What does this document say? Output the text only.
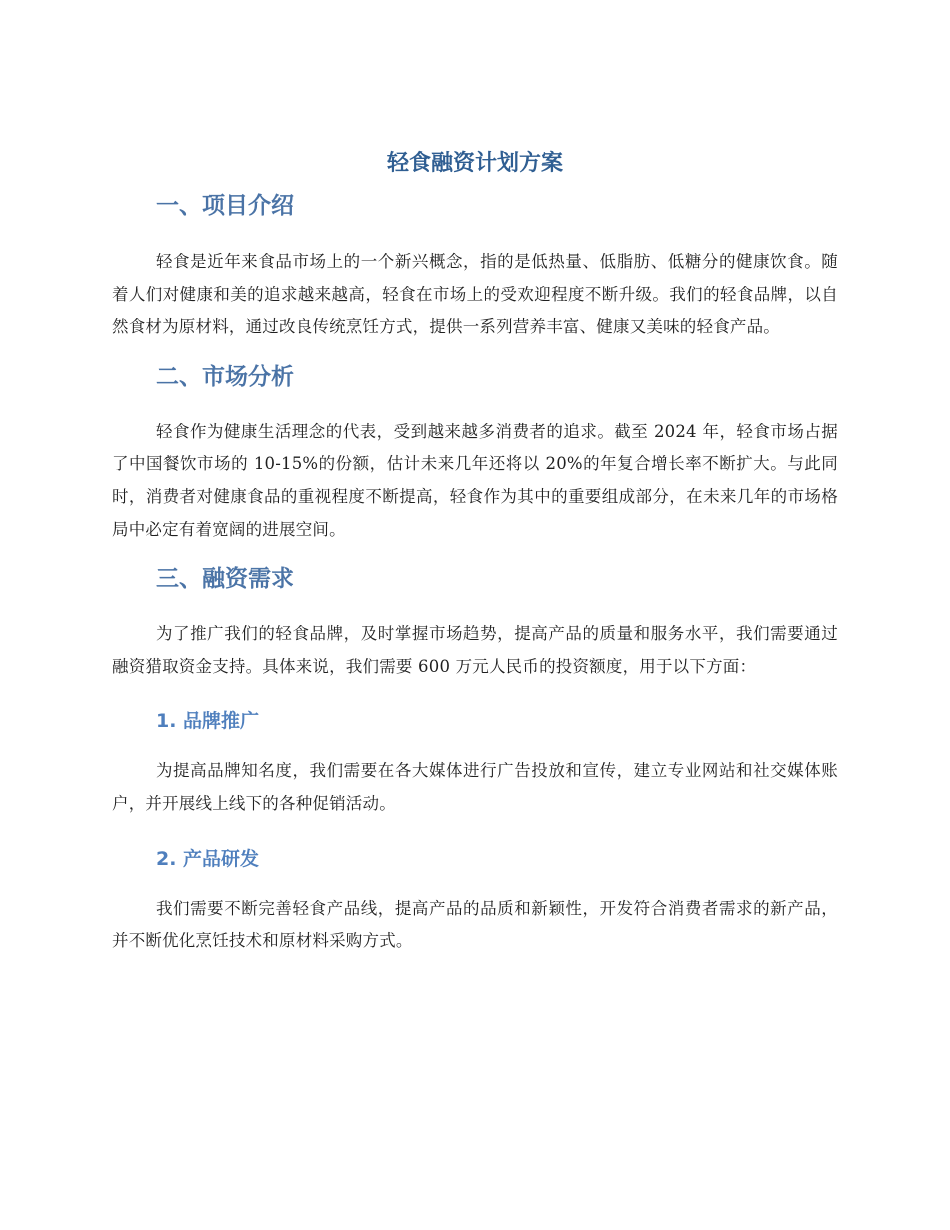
轻食融资计划方案
一、项目介绍

轻食是近年来食品市场上的一个新兴概念，指的是低热量、低脂肪、低糖分的健康饮食。随着人们对健康和美的追求越来越高，轻食在市场上的受欢迎程度不断升级。我们的轻食品牌，以自然食材为原材料，通过改良传统烹饪方式，提供一系列营养丰富、健康又美味的轻食产品。

二、市场分析

轻食作为健康生活理念的代表，受到越来越多消费者的追求。截至 2024 年，轻食市场占据了中国餐饮市场的 10-15%的份额，估计未来几年还将以 20%的年复合增长率不断扩大。与此同时，消费者对健康食品的重视程度不断提高，轻食作为其中的重要组成部分，在未来几年的市场格局中必定有着宽阔的进展空间。

三、融资需求

为了推广我们的轻食品牌，及时掌握市场趋势，提高产品的质量和服务水平，我们需要通过融资猎取资金支持。具体来说，我们需要 600 万元人民币的投资额度，用于以下方面：

1. 品牌推广

为提高品牌知名度，我们需要在各大媒体进行广告投放和宣传，建立专业网站和社交媒体账户，并开展线上线下的各种促销活动。

2. 产品研发

我们需要不断完善轻食产品线，提高产品的品质和新颖性，开发符合消费者需求的新产品，并不断优化烹饪技术和原材料采购方式。
